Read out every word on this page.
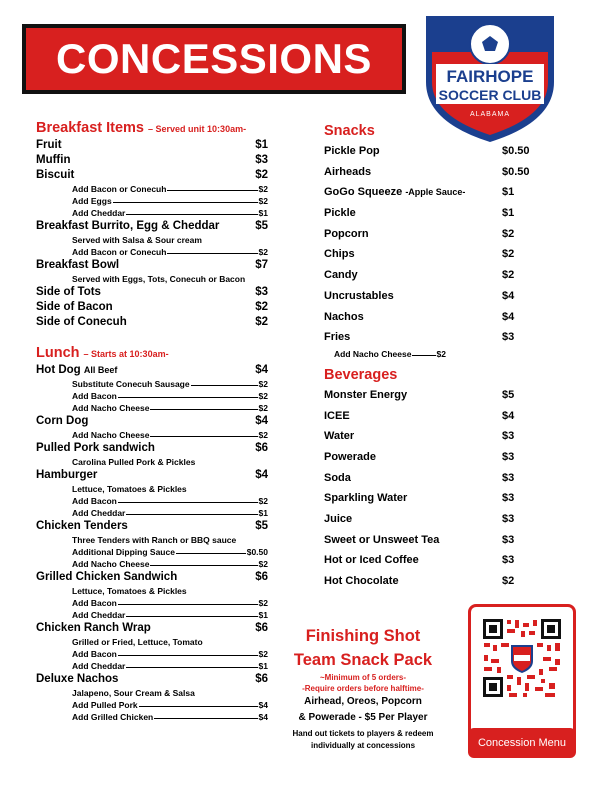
CONCESSIONS	FAIRHOPE
SOCCER CLUB
ALABAMA
Breakfast Items – Served unit 10:30am-
Fruit	$1
Muffin	$3
Biscuit	$2
Add Bacon or Conecuh	$2
Add Eggs	$2
Add Cheddar	$1
Breakfast Burrito, Egg & Cheddar	$5
Served with Salsa & Sour cream
Add Bacon or Conecuh	$2
Breakfast Bowl	$7
Served with Eggs, Tots, Conecuh or Bacon
Side of Tots	$3
Side of Bacon	$2
Side of Conecuh	$2
Lunch – Starts at 10:30am-
Hot Dog All Beef	$4
Substitute Conecuh Sausage	$2
Add Bacon	$2
Add Nacho Cheese	$2
Corn Dog	$4
Add Nacho Cheese	$2
Pulled Pork sandwich	$6
Carolina Pulled Pork & Pickles
Hamburger	$4
Lettuce, Tomatoes & Pickles
Add Bacon	$2
Add Cheddar	$1
Chicken Tenders	$5
Three Tenders with Ranch or BBQ sauce
Additional Dipping Sauce	$0.50
Add Nacho Cheese	$2
Grilled Chicken Sandwich	$6
Lettuce, Tomatoes & Pickles
Add Bacon	$2
Add Cheddar	$1
Chicken Ranch Wrap	$6
Grilled or Fried, Lettuce, Tomato
Add Bacon	$2
Add Cheddar	$1
Deluxe Nachos	$6
Jalapeno, Sour Cream & Salsa
Add Pulled Pork	$4
Add Grilled Chicken	$4
Snacks
Pickle Pop	$0.50
Airheads	$0.50
GoGo Squeeze -Apple Sauce-	$1
Pickle	$1
Popcorn	$2
Chips	$2
Candy	$2
Uncrustables	$4
Nachos	$4
Fries	$3
Add Nacho Cheese	$2
Beverages
Monster Energy	$5
ICEE	$4
Water	$3
Powerade	$3
Soda	$3
Sparkling Water	$3
Juice	$3
Sweet or Unsweet Tea	$3
Hot or Iced Coffee	$3
Hot Chocolate	$2
Finishing Shot
Team Snack Pack
~Minimum of 5 orders-
-Require orders before halftime-
Airhead, Oreos, Popcorn
& Powerade - $5 Per Player
Hand out tickets to players & redeem
individually at concessions	Concession Menu
